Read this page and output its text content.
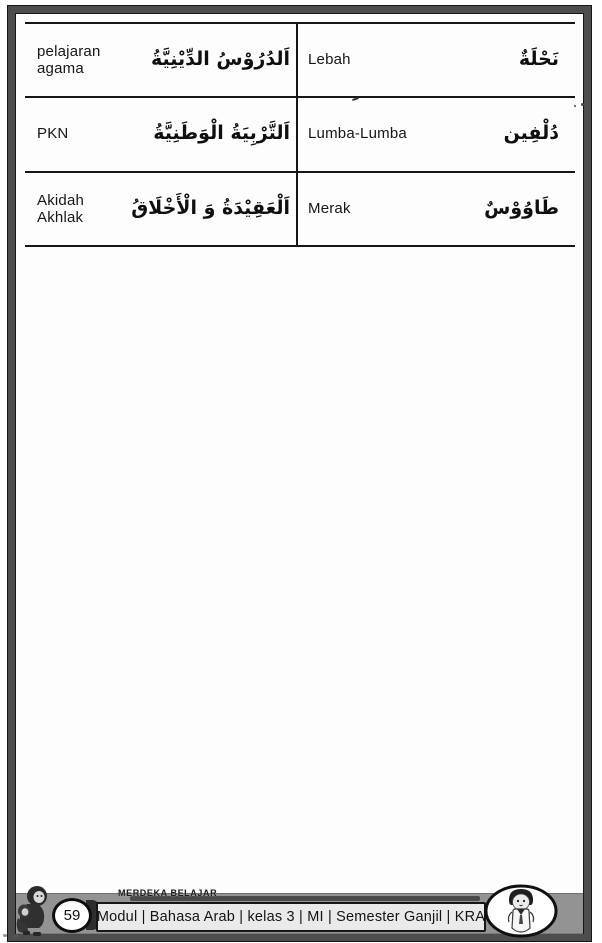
pelajaran agama	اَلدُرُوْسُ الدِّيْنِيَّةُ Lebah	نَحْلَةٌ
PKN	اَلتَّرْبِيَةُ الْوَطَنِيَّةُ Lumba-Lumba	دُلْفِين
Akidah Akhlak	اَلْعَقِيْدَةُ وَ الْأَخْلَاقُ Merak	طَاوُوْسٌ
MERDEKA BELAJAR
59 Modul | Bahasa Arab | kelas 3 | MI | Semester Ganjil | KRA
